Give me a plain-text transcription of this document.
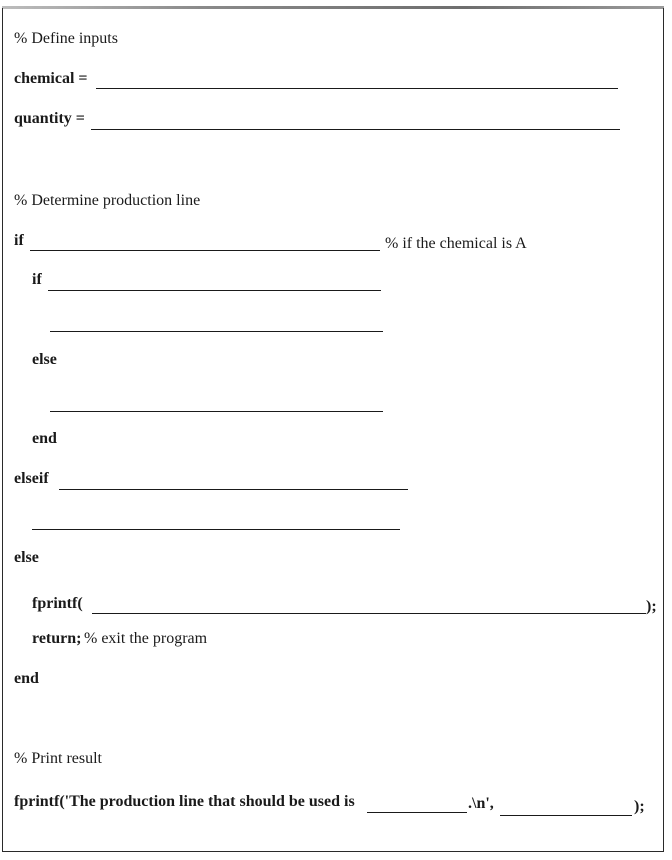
% Define inputs
chemical =
quantity =
% Determine production line
if	% if the chemical is A
if
else
end
elseif
else
fprintf(	);
return; % exit the program
end
% Print result
fprintf('The production line that should be used is	.\n',	);
